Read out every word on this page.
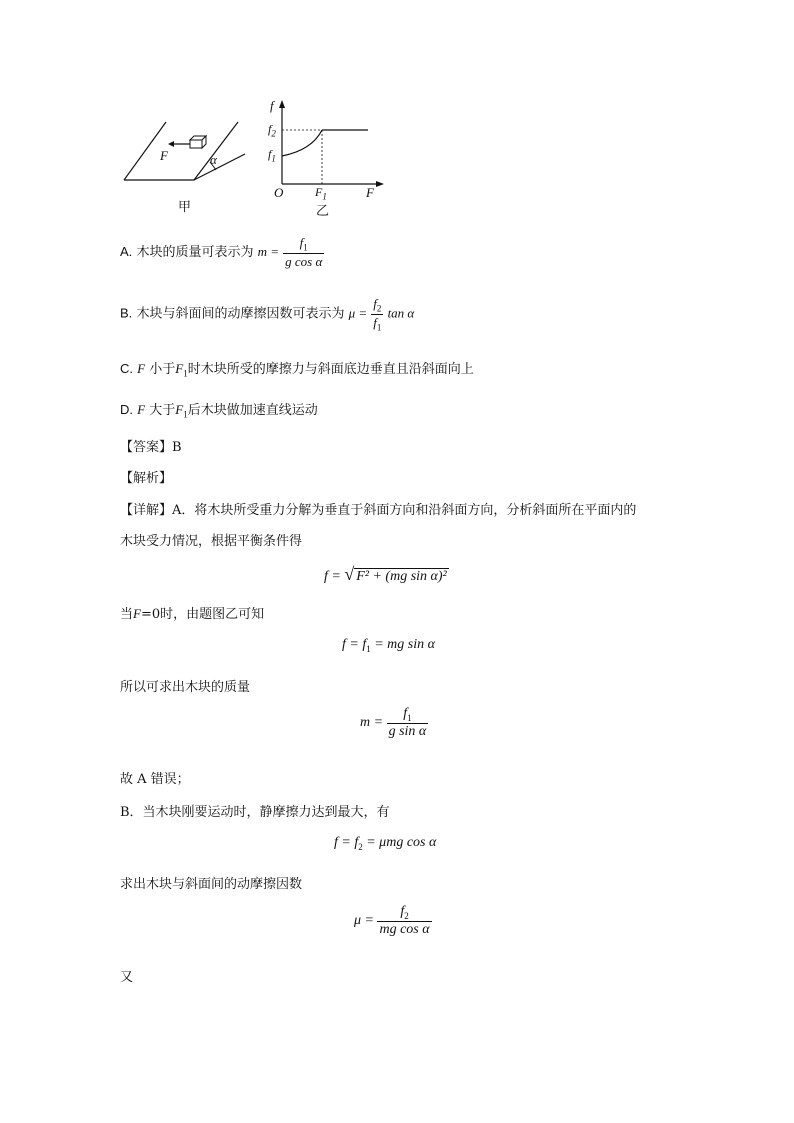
F	α
甲
f
$f_2$
$f_1$
O	$F_1$	F
乙
A. 木块的质量可表示为 $m = \frac{f_1}{\text{g cos α}}$
B. 木块与斜面间的动摩擦因数可表示为 $\mu = \frac{f_2}{f_1}$ tan α
C. F 小于$F_1$时木块所受的摩擦力与斜面底边垂直且沿斜面向上
D. F 大于$F_1$后木块做加速直线运动
【答案】B
【解析】
【详解】A．将木块所受重力分解为垂直于斜面方向和沿斜面方向，分析斜面所在平面内的
木块受力情况，根据平衡条件得
f = √ F² + (mg sin α)²
当F=0时，由题图乙可知
$f = f_1$ = mg sin α
所以可求出木块的质量
$m = \frac{f_1}{\text{g sin α}}$
故 A 错误；
B．当木块刚要运动时，静摩擦力达到最大，有
$f = f_2 = \mu mg$ cos α
求出木块与斜面间的动摩擦因数
$\mu = \frac{f_2}{\text{mg cos α}}$
又
